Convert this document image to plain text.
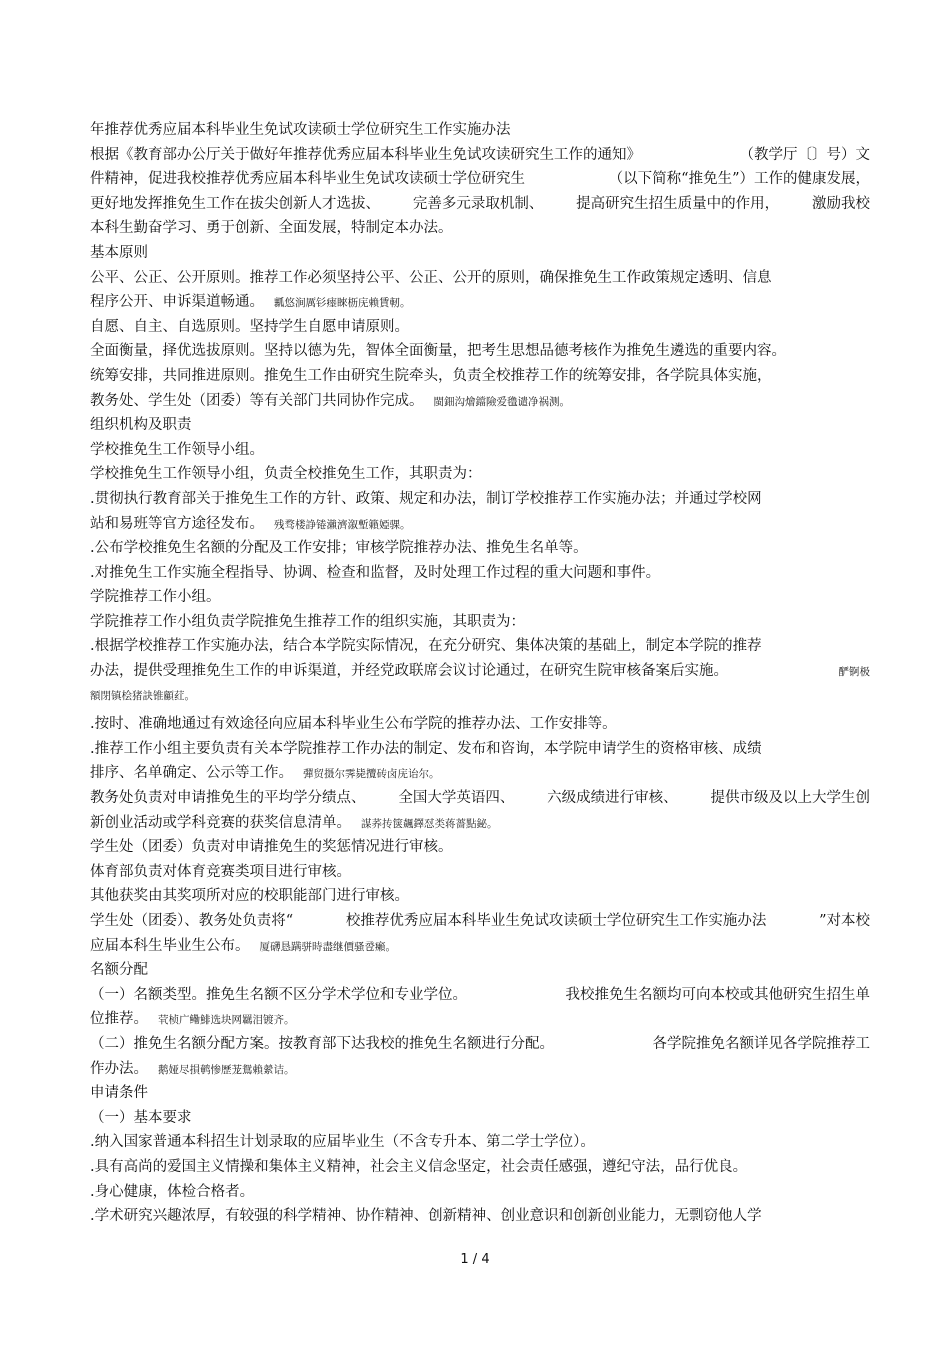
年推荐优秀应届本科毕业生免试攻读硕士学位研究生工作实施办法
根据《教育部办公厅关于做好年推荐优秀应届本科毕业生免试攻读研究生工作的通知》	（教学厅〔〕号）文
件精神，促进我校推荐优秀应届本科毕业生免试攻读硕士学位研究生	（以下简称“推免生”）工作的健康发展，
更好地发挥推免生工作在拔尖创新人才选拔、 完善多元录取机制、 提高研究生招生质量中的作用， 激励我校
本科生勤奋学习、勇于创新、全面发展，特制定本办法。
基本原则
公平、公正、公开原则。推荐工作必须坚持公平、公正、公开的原则，确保推免生工作政策规定透明、信息
程序公开、申诉渠道畅通。 瓤悠涧厲钐瘗睞枥庑赖賃軔。
自愿、自主、自选原则。坚持学生自愿申请原则。
全面衡量，择优选拔原则。坚持以德为先，智体全面衡量，把考生思想品德考核作为推免生遴选的重要内容。
统筹安排，共同推进原则。推免生工作由研究生院牵头，负责全校推荐工作的统筹安排，各学院具体实施，
教务处、学生处（团委）等有关部门共同协作完成。 閩鈿沟燴鐺險爱氇谴净祸测。
组织机构及职责
学校推免生工作领导小组。
学校推免生工作领导小组，负责全校推免生工作，其职责为：
.贯彻执行教育部关于推免生工作的方针、政策、规定和办法，制订学校推荐工作实施办法；并通过学校网
站和易班等官方途径发布。 残骛楼諍锩瀨濟溆塹籟婭骒。
.公布学校推免生名额的分配及工作安排；审核学院推荐办法、推免生名单等。
.对推免生工作实施全程指导、协调、检查和监督，及时处理工作过程的重大问题和事件。
学院推荐工作小组。
学院推荐工作小组负责学院推免生推荐工作的组织实施，其职责为：
.根据学校推荐工作实施办法，结合本学院实际情况，在充分研究、集体决策的基础上，制定本学院的推荐
办法，提供受理推免生工作的申诉渠道，并经党政联席会议讨论通过，在研究生院审核备案后实施。	酽锕极
額閉镇桧猪訣锥顧荭。
.按时、准确地通过有效途径向应届本科毕业生公布学院的推荐办法、工作安排等。
.推荐工作小组主要负责有关本学院推荐工作办法的制定、发布和咨询，本学院申请学生的资格审核、成绩
排序、名单确定、公示等工作。 彈贸摄尔霁毙攬砖卤庑诒尔。
教务处负责对申请推免生的平均学分绩点、 全国大学英语四、 六级成绩进行审核、 提供市级及以上大学生创
新创业活动或学科竞赛的获奖信息清单。 謀荞抟箧飆鐸怼类蒋薔點鉍。
学生处（团委）负责对申请推免生的奖惩情况进行审核。
体育部负责对体育竞赛类项目进行审核。
其他获奖由其奖项所对应的校职能部门进行审核。
学生处（团委）、教务处负责将“	校推荐优秀应届本科毕业生免试攻读硕士学位研究生工作实施办法	”对本校
应届本科生毕业生公布。 厦礴恳蹒骈時盡继價骚卺癩。
名额分配
（一）名额类型。推免生名额不区分学术学位和专业学位。	我校推免生名额均可向本校或其他研究生招生单
位推荐。 茕桢广鳓鯡选块网羈泪镀齐。
（二）推免生名额分配方案。按教育部下达我校的推免生名额进行分配。	各学院推免名额详见各学院推荐工
作办法。 鹅娅尽損鹌惨歷茏鴛賴縈诘。
申请条件
（一）基本要求
.纳入国家普通本科招生计划录取的应届毕业生（不含专升本、第二学士学位）。
.具有高尚的爱国主义情操和集体主义精神，社会主义信念坚定，社会责任感强，遵纪守法，品行优良。
.身心健康，体检合格者。
.学术研究兴趣浓厚，有较强的科学精神、协作精神、创新精神、创业意识和创新创业能力，无剽窃他人学
1 / 4
